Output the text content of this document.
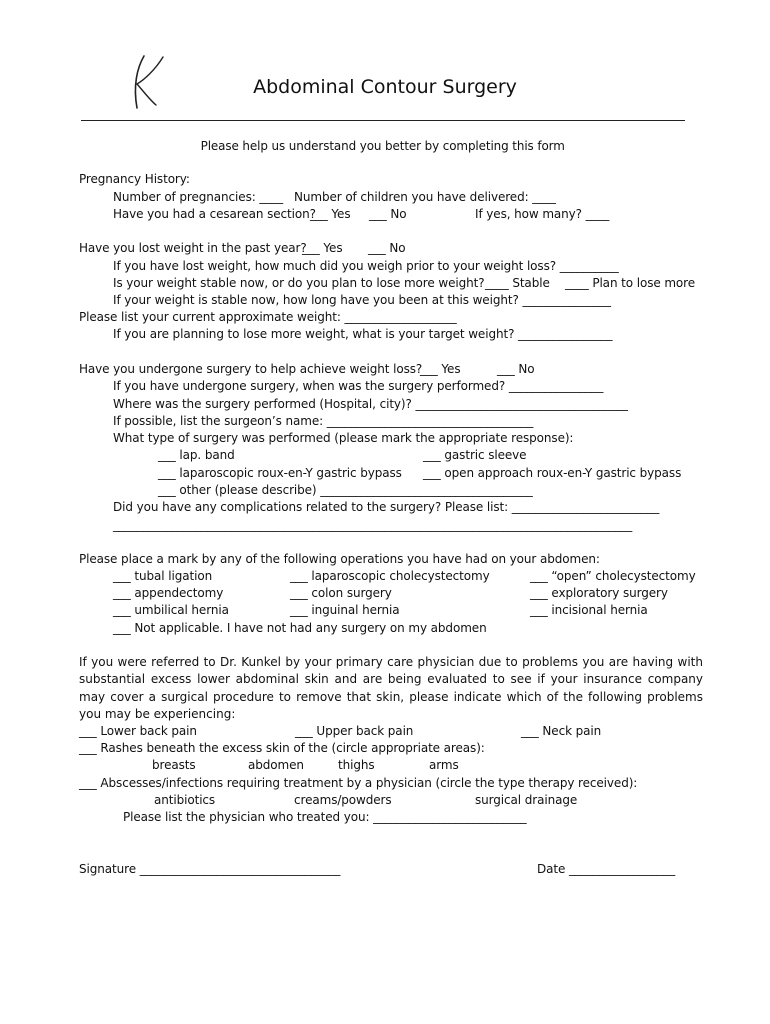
Abdominal Contour Surgery
Please help us understand you better by completing this form
Pregnancy History:
Number of pregnancies: ____ Number of children you have delivered: ____
Have you had a cesarean section?
___ Yes ___ No	If yes, how many? ____
Have you lost weight in the past year?
___ Yes ___ No
If you have lost weight, how much did you weigh prior to your weight loss? __________
Is your weight stable now, or do you plan to lose more weight? ____ Stable ____ Plan to lose more
If your weight is stable now, how long have you been at this weight? _______________
Please list your current approximate weight: ___________________
If you are planning to lose more weight, what is your target weight? ________________
Have you undergone surgery to help achieve weight loss?
___ Yes	___ No
If you have undergone surgery, when was the surgery performed? ________________
Where was the surgery performed (Hospital, city)? ____________________________________
If possible, list the surgeon’s name: ___________________________________
What type of surgery was performed (please mark the appropriate response):
___ lap. band	___ gastric sleeve
___ laparoscopic roux-en-Y gastric bypass ___ open approach roux-en-Y gastric bypass
___ other (please describe) ____________________________________
Did you have any complications related to the surgery? Please list: _________________________
________________________________________________________________________________________
Please place a mark by any of the following operations you have had on your abdomen:
___ tubal ligation	___ laparoscopic cholecystectomy	___ “open” cholecystectomy
___ appendectomy	___ colon surgery	___ exploratory surgery
___ umbilical hernia	___ inguinal hernia	___ incisional hernia
___ Not applicable. I have not had any surgery on my abdomen
If you were referred to Dr. Kunkel by your primary care physician due to problems you are having with substantial excess lower abdominal skin and are being evaluated to see if your insurance company may cover a surgical procedure to remove that skin, please indicate which of the following problems you may be experiencing:
___ Lower back pain	___ Upper back pain	___ Neck pain
___ Rashes beneath the excess skin of the (circle appropriate areas):
breasts	abdomen	thighs	arms
___ Abscesses/infections requiring treatment by a physician (circle the type therapy received):
antibiotics	creams/powders	surgical drainage
Please list the physician who treated you: __________________________
Signature __________________________________	Date __________________
